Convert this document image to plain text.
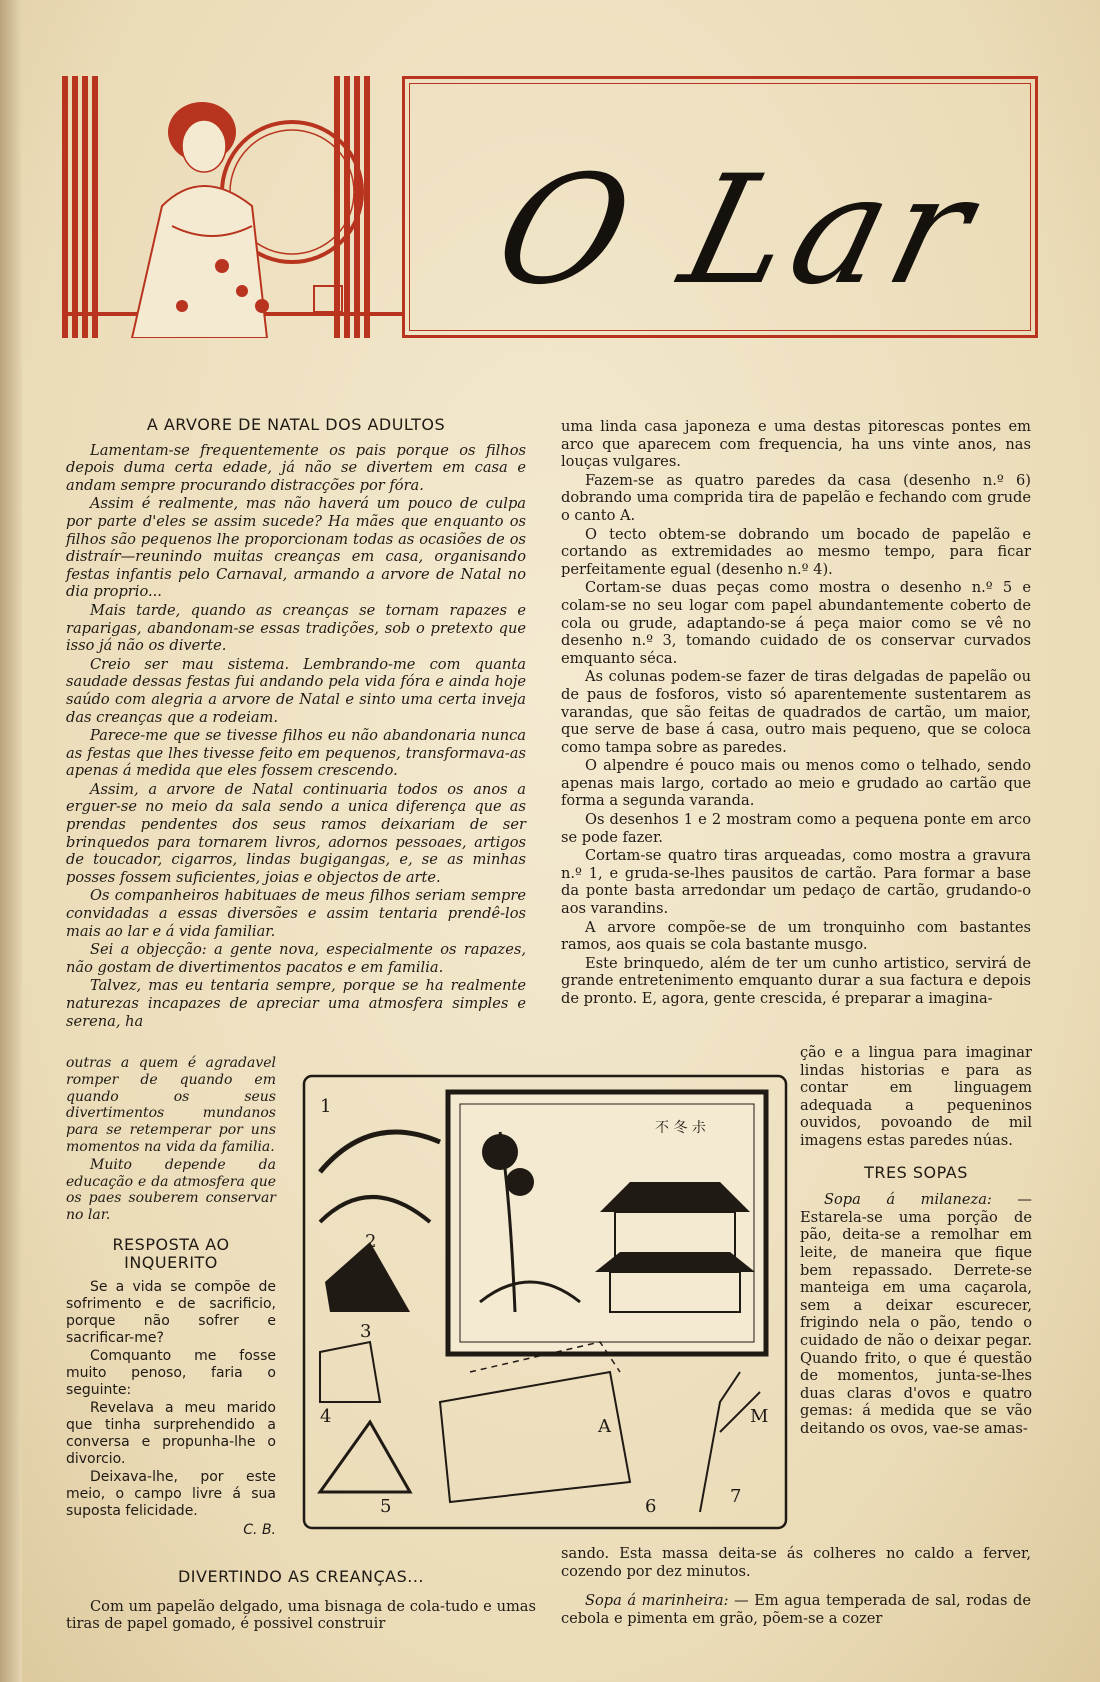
O Lar
A ARVORE DE NATAL DOS ADULTOS

Lamentam-se frequentemente os pais porque os filhos depois duma certa edade, já não se divertem em casa e andam sempre procurando distracções por fóra.

Assim é realmente, mas não haverá um pouco de culpa por parte d'eles se assim sucede? Ha mães que enquanto os filhos são pequenos lhe proporcionam todas as ocasiões de os distraír—reunindo muitas creanças em casa, organisando festas infantis pelo Carnaval, armando a arvore de Natal no dia proprio...

Mais tarde, quando as creanças se tornam rapazes e raparigas, abandonam-se essas tradições, sob o pretexto que isso já não os diverte.

Creio ser mau sistema. Lembrando-me com quanta saudade dessas festas fui andando pela vida fóra e ainda hoje saúdo com alegria a arvore de Natal e sinto uma certa inveja das creanças que a rodeiam.

Parece-me que se tivesse filhos eu não abandonaria nunca as festas que lhes tivesse feito em pequenos, transformava-as apenas á medida que eles fossem crescendo.

Assim, a arvore de Natal continuaria todos os anos a erguer-se no meio da sala sendo a unica diferença que as prendas pendentes dos seus ramos deixariam de ser brinquedos para tornarem livros, adornos pessoaes, artigos de toucador, cigarros, lindas bugigangas, e, se as minhas posses fossem suficientes, joias e objectos de arte.

Os companheiros habituaes de meus filhos seriam sempre convidadas a essas diversões e assim tentaria prendê-los mais ao lar e á vida familiar.

Sei a objecção: a gente nova, especialmente os rapazes, não gostam de divertimentos pacatos e em familia.

Talvez, mas eu tentaria sempre, porque se ha realmente naturezas incapazes de apreciar uma atmosfera simples e serena, ha

outras a quem é agradavel romper de quando em quando os seus divertimentos mundanos para se retemperar por uns momentos na vida da familia.

Muito depende da educação e da atmosfera que os paes souberem conservar no lar.

RESPOSTA AO INQUERITO

Se a vida se compõe de sofrimento e de sacrificio, porque não sofrer e sacrificar-me?

Comquanto me fosse muito penoso, faria o seguinte:

Revelava a meu marido que tinha surprehendido a conversa e propunha-lhe o divorcio.

Deixava-lhe, por este meio, o campo livre á sua suposta felicidade.

C. B.
DIVERTINDO AS CREANÇAS...

Com um papelão delgado, uma bisnaga de cola-tudo e umas tiras de papel gomado, é possivel construir

uma linda casa japoneza e uma destas pitorescas pontes em arco que aparecem com frequencia, ha uns vinte anos, nas louças vulgares.

Fazem-se as quatro paredes da casa (desenho n.º 6) dobrando uma comprida tira de papelão e fechando com grude o canto A.

O tecto obtem-se dobrando um bocado de papelão e cortando as extremidades ao mesmo tempo, para ficar perfeitamente egual (desenho n.º 4).

Cortam-se duas peças como mostra o desenho n.º 5 e colam-se no seu logar com papel abundantemente coberto de cola ou grude, adaptando-se á peça maior como se vê no desenho n.º 3, tomando cuidado de os conservar curvados emquanto séca.

As colunas podem-se fazer de tiras delgadas de papelão ou de paus de fosforos, visto só aparentemente sustentarem as varandas, que são feitas de quadrados de cartão, um maior, que serve de base á casa, outro mais pequeno, que se coloca como tampa sobre as paredes.

O alpendre é pouco mais ou menos como o telhado, sendo apenas mais largo, cortado ao meio e grudado ao cartão que forma a segunda varanda.

Os desenhos 1 e 2 mostram como a pequena ponte em arco se pode fazer.

Cortam-se quatro tiras arqueadas, como mostra a gravura n.º 1, e gruda-se-lhes pausitos de cartão. Para formar a base da ponte basta arredondar um pedaço de cartão, grudando-o aos varandins.

A arvore compõe-se de um tronquinho com bastantes ramos, aos quais se cola bastante musgo.

Este brinquedo, além de ter um cunho artistico, servirá de grande entretenimento emquanto durar a sua factura e depois de pronto. E, agora, gente crescida, é preparar a imagina-

ção e a lingua para imaginar lindas historias e para as contar em linguagem adequada a pequeninos ouvidos, povoando de mil imagens estas paredes núas.

TRES SOPAS

Sopa á milaneza: — Estarela-se uma porção de pão, deita-se a remolhar em leite, de maneira que fique bem repassado. Derrete-se manteiga em uma caçarola, sem a deixar escurecer, frigindo nela o pão, tendo o cuidado de não o deixar pegar. Quando frito, o que é questão de momentos, junta-se-lhes duas claras d'ovos e quatro gemas: á medida que se vão deitando os ovos, vae-se amas-

sando. Esta massa deita-se ás colheres no caldo a ferver, cozendo por dez minutos.

Sopa á marinheira: — Em agua temperada de sal, rodas de cebola e pimenta em grão, põem-se a cozer

不 冬 尗
1
2
3
4
5	6	7
A	M
